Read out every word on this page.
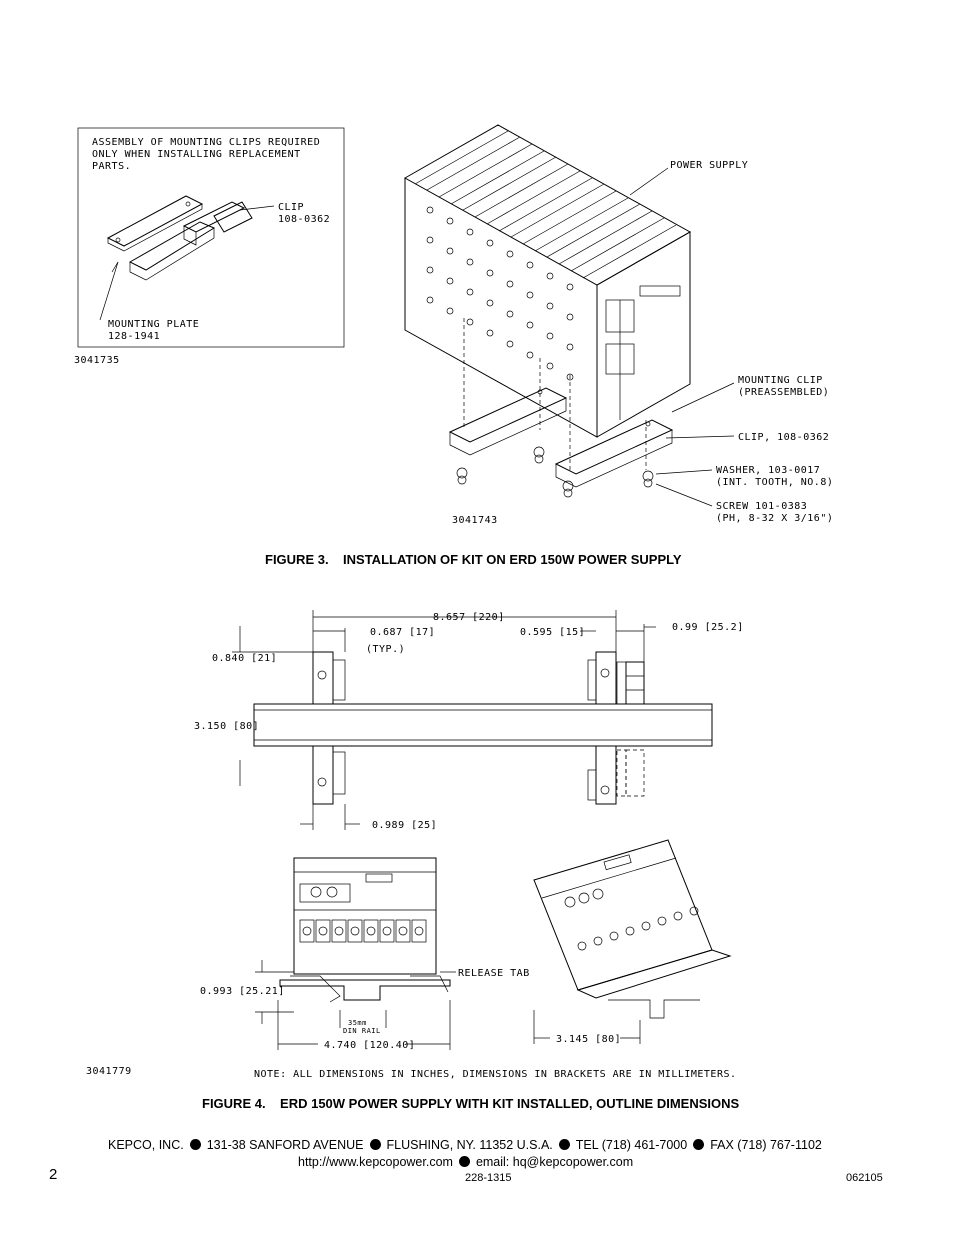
ASSEMBLY OF MOUNTING CLIPS REQUIRED
ONLY WHEN INSTALLING REPLACEMENT
PARTS.
CLIP
108-0362
MOUNTING PLATE
128-1941
3041735
POWER SUPPLY
MOUNTING CLIP
(PREASSEMBLED)
CLIP, 108-0362
WASHER, 103-0017
(INT. TOOTH, NO.8)
SCREW 101-0383
(PH, 8-32 X 3/16")
3041743
FIGURE 3. INSTALLATION OF KIT ON ERD 150W POWER SUPPLY
8.657 [220]
0.687 [17]
(TYP.)
0.595 [15]	0.99 [25.2]
0.840 [21]
3.150 [80]
0.989 [25]
0.993 [25.21]
RELEASE TAB
35mm
DIN RAIL
4.740 [120.40]
3.145 [80]
3041779	NOTE: ALL DIMENSIONS IN INCHES, DIMENSIONS IN BRACKETS ARE IN MILLIMETERS.
FIGURE 4. ERD 150W POWER SUPPLY WITH KIT INSTALLED, OUTLINE DIMENSIONS
KEPCO, INC. 131-38 SANFORD AVENUE FLUSHING, NY. 11352 U.S.A. TEL (718) 461-7000 FAX (718) 767-1102
http://www.kepcopower.com email: hq@kepcopower.com
2	228-1315	062105
